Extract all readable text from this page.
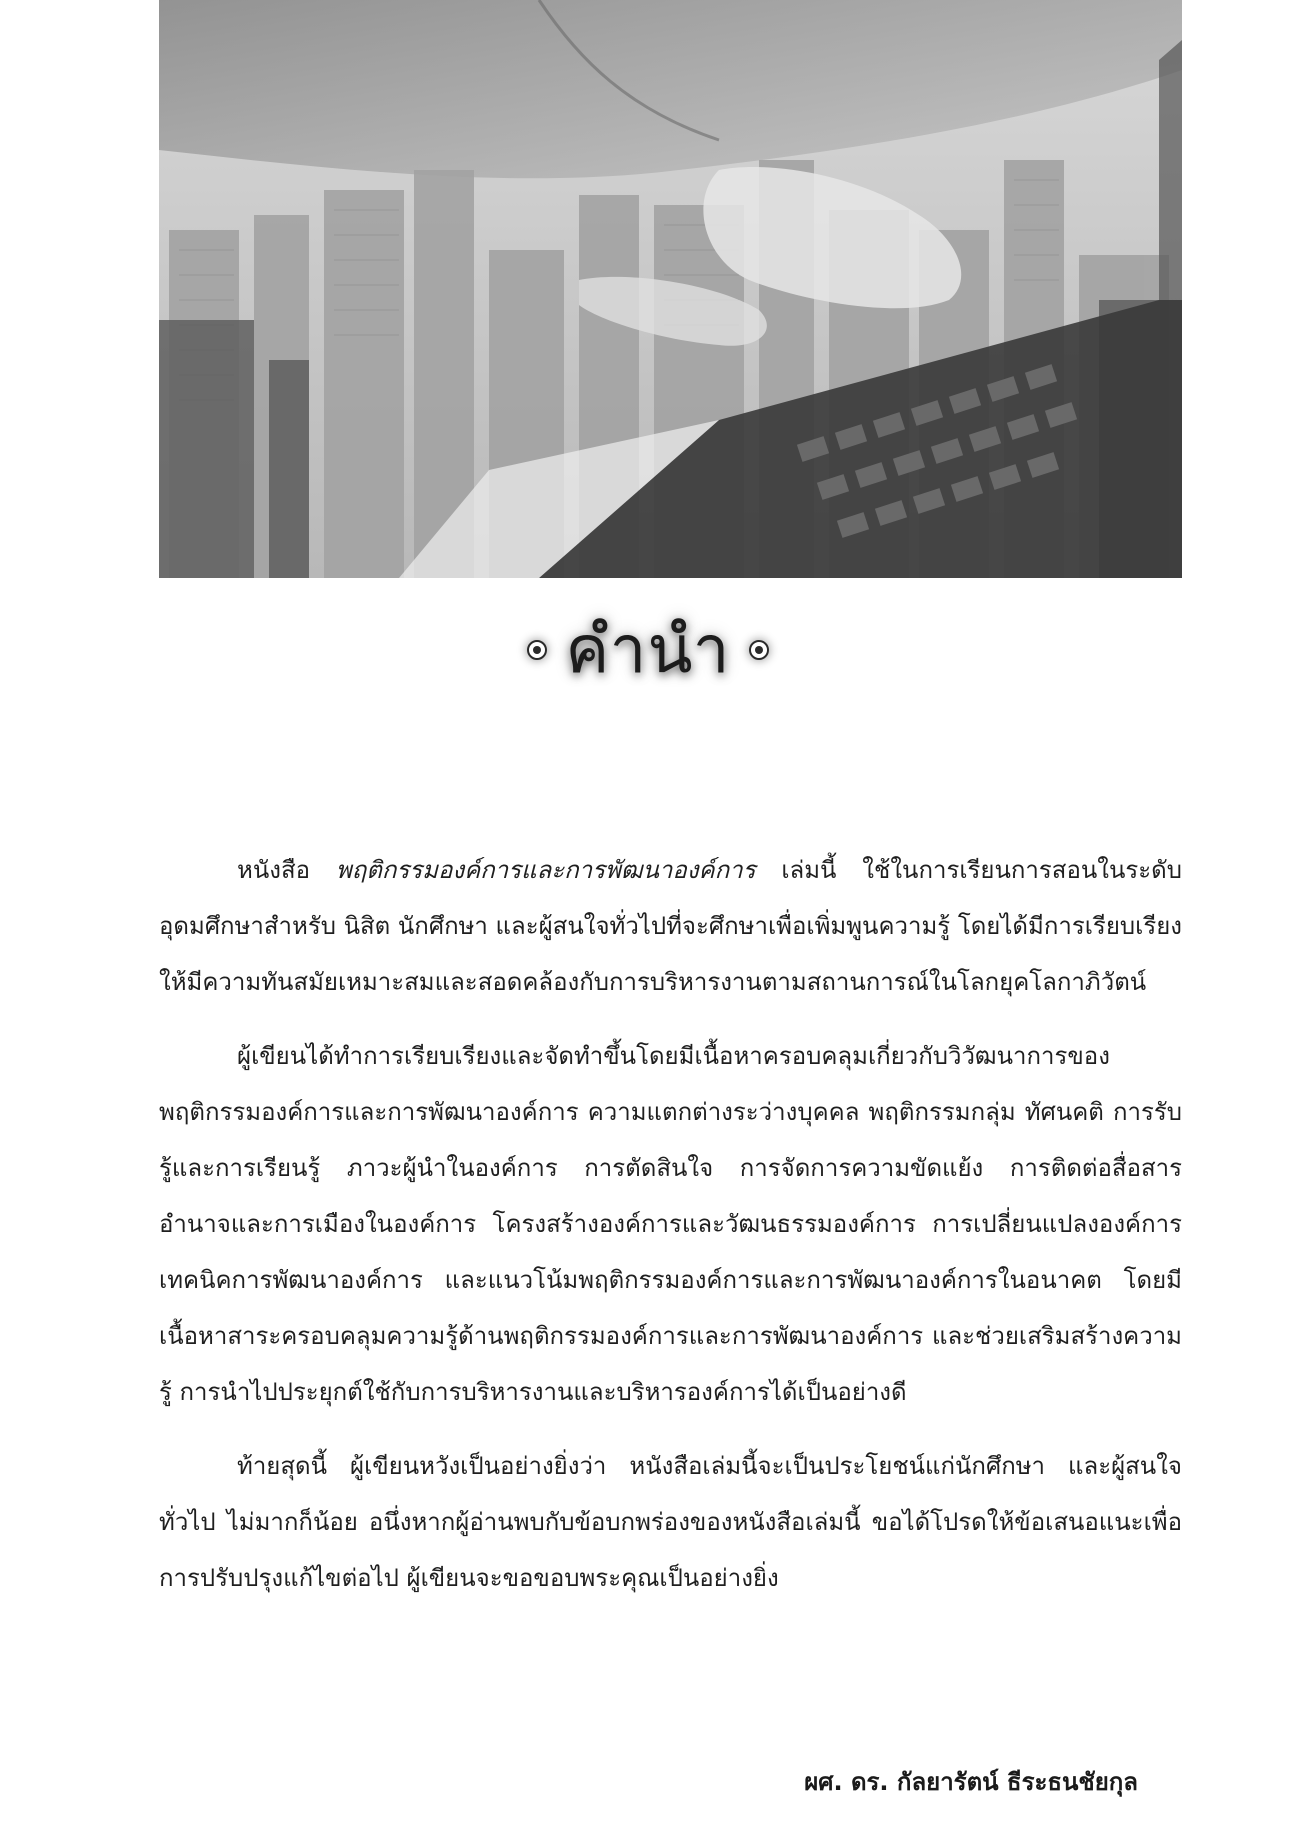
คำนำ

หนังสือ พฤติกรรมองค์การและการพัฒนาองค์การ เล่มนี้ ใช้ในการเรียนการสอนในระดับอุดมศึกษาสำหรับ นิสิต นักศึกษา และผู้สนใจทั่วไปที่จะศึกษาเพื่อเพิ่มพูนความรู้ โดยได้มีการเรียบเรียงให้มีความทันสมัยเหมาะสมและสอดคล้องกับการบริหารงานตามสถานการณ์ในโลกยุคโลกาภิวัตน์

ผู้เขียนได้ทำการเรียบเรียงและจัดทำขึ้นโดยมีเนื้อหาครอบคลุมเกี่ยวกับวิวัฒนาการของพฤติกรรมองค์การและการพัฒนาองค์การ ความแตกต่างระว่างบุคคล พฤติกรรมกลุ่ม ทัศนคติ การรับรู้และการเรียนรู้ ภาวะผู้นำในองค์การ การตัดสินใจ การจัดการความขัดแย้ง การติดต่อสื่อสาร อำนาจและการเมืองในองค์การ โครงสร้างองค์การและวัฒนธรรมองค์การ การเปลี่ยนแปลงองค์การ เทคนิคการพัฒนาองค์การ และแนวโน้มพฤติกรรมองค์การและการพัฒนาองค์การในอนาคต โดยมีเนื้อหาสาระครอบคลุมความรู้ด้านพฤติกรรมองค์การและการพัฒนาองค์การ และช่วยเสริมสร้างความรู้ การนำไปประยุกต์ใช้กับการบริหารงานและบริหารองค์การได้เป็นอย่างดี

ท้ายสุดนี้ ผู้เขียนหวังเป็นอย่างยิ่งว่า หนังสือเล่มนี้จะเป็นประโยชน์แก่นักศึกษา และผู้สนใจทั่วไป ไม่มากก็น้อย อนึ่งหากผู้อ่านพบกับข้อบกพร่องของหนังสือเล่มนี้ ขอได้โปรดให้ข้อเสนอแนะเพื่อการปรับปรุงแก้ไขต่อไป ผู้เขียนจะขอขอบพระคุณเป็นอย่างยิ่ง

ผศ. ดร. กัลยารัตน์ ธีระธนชัยกุล
